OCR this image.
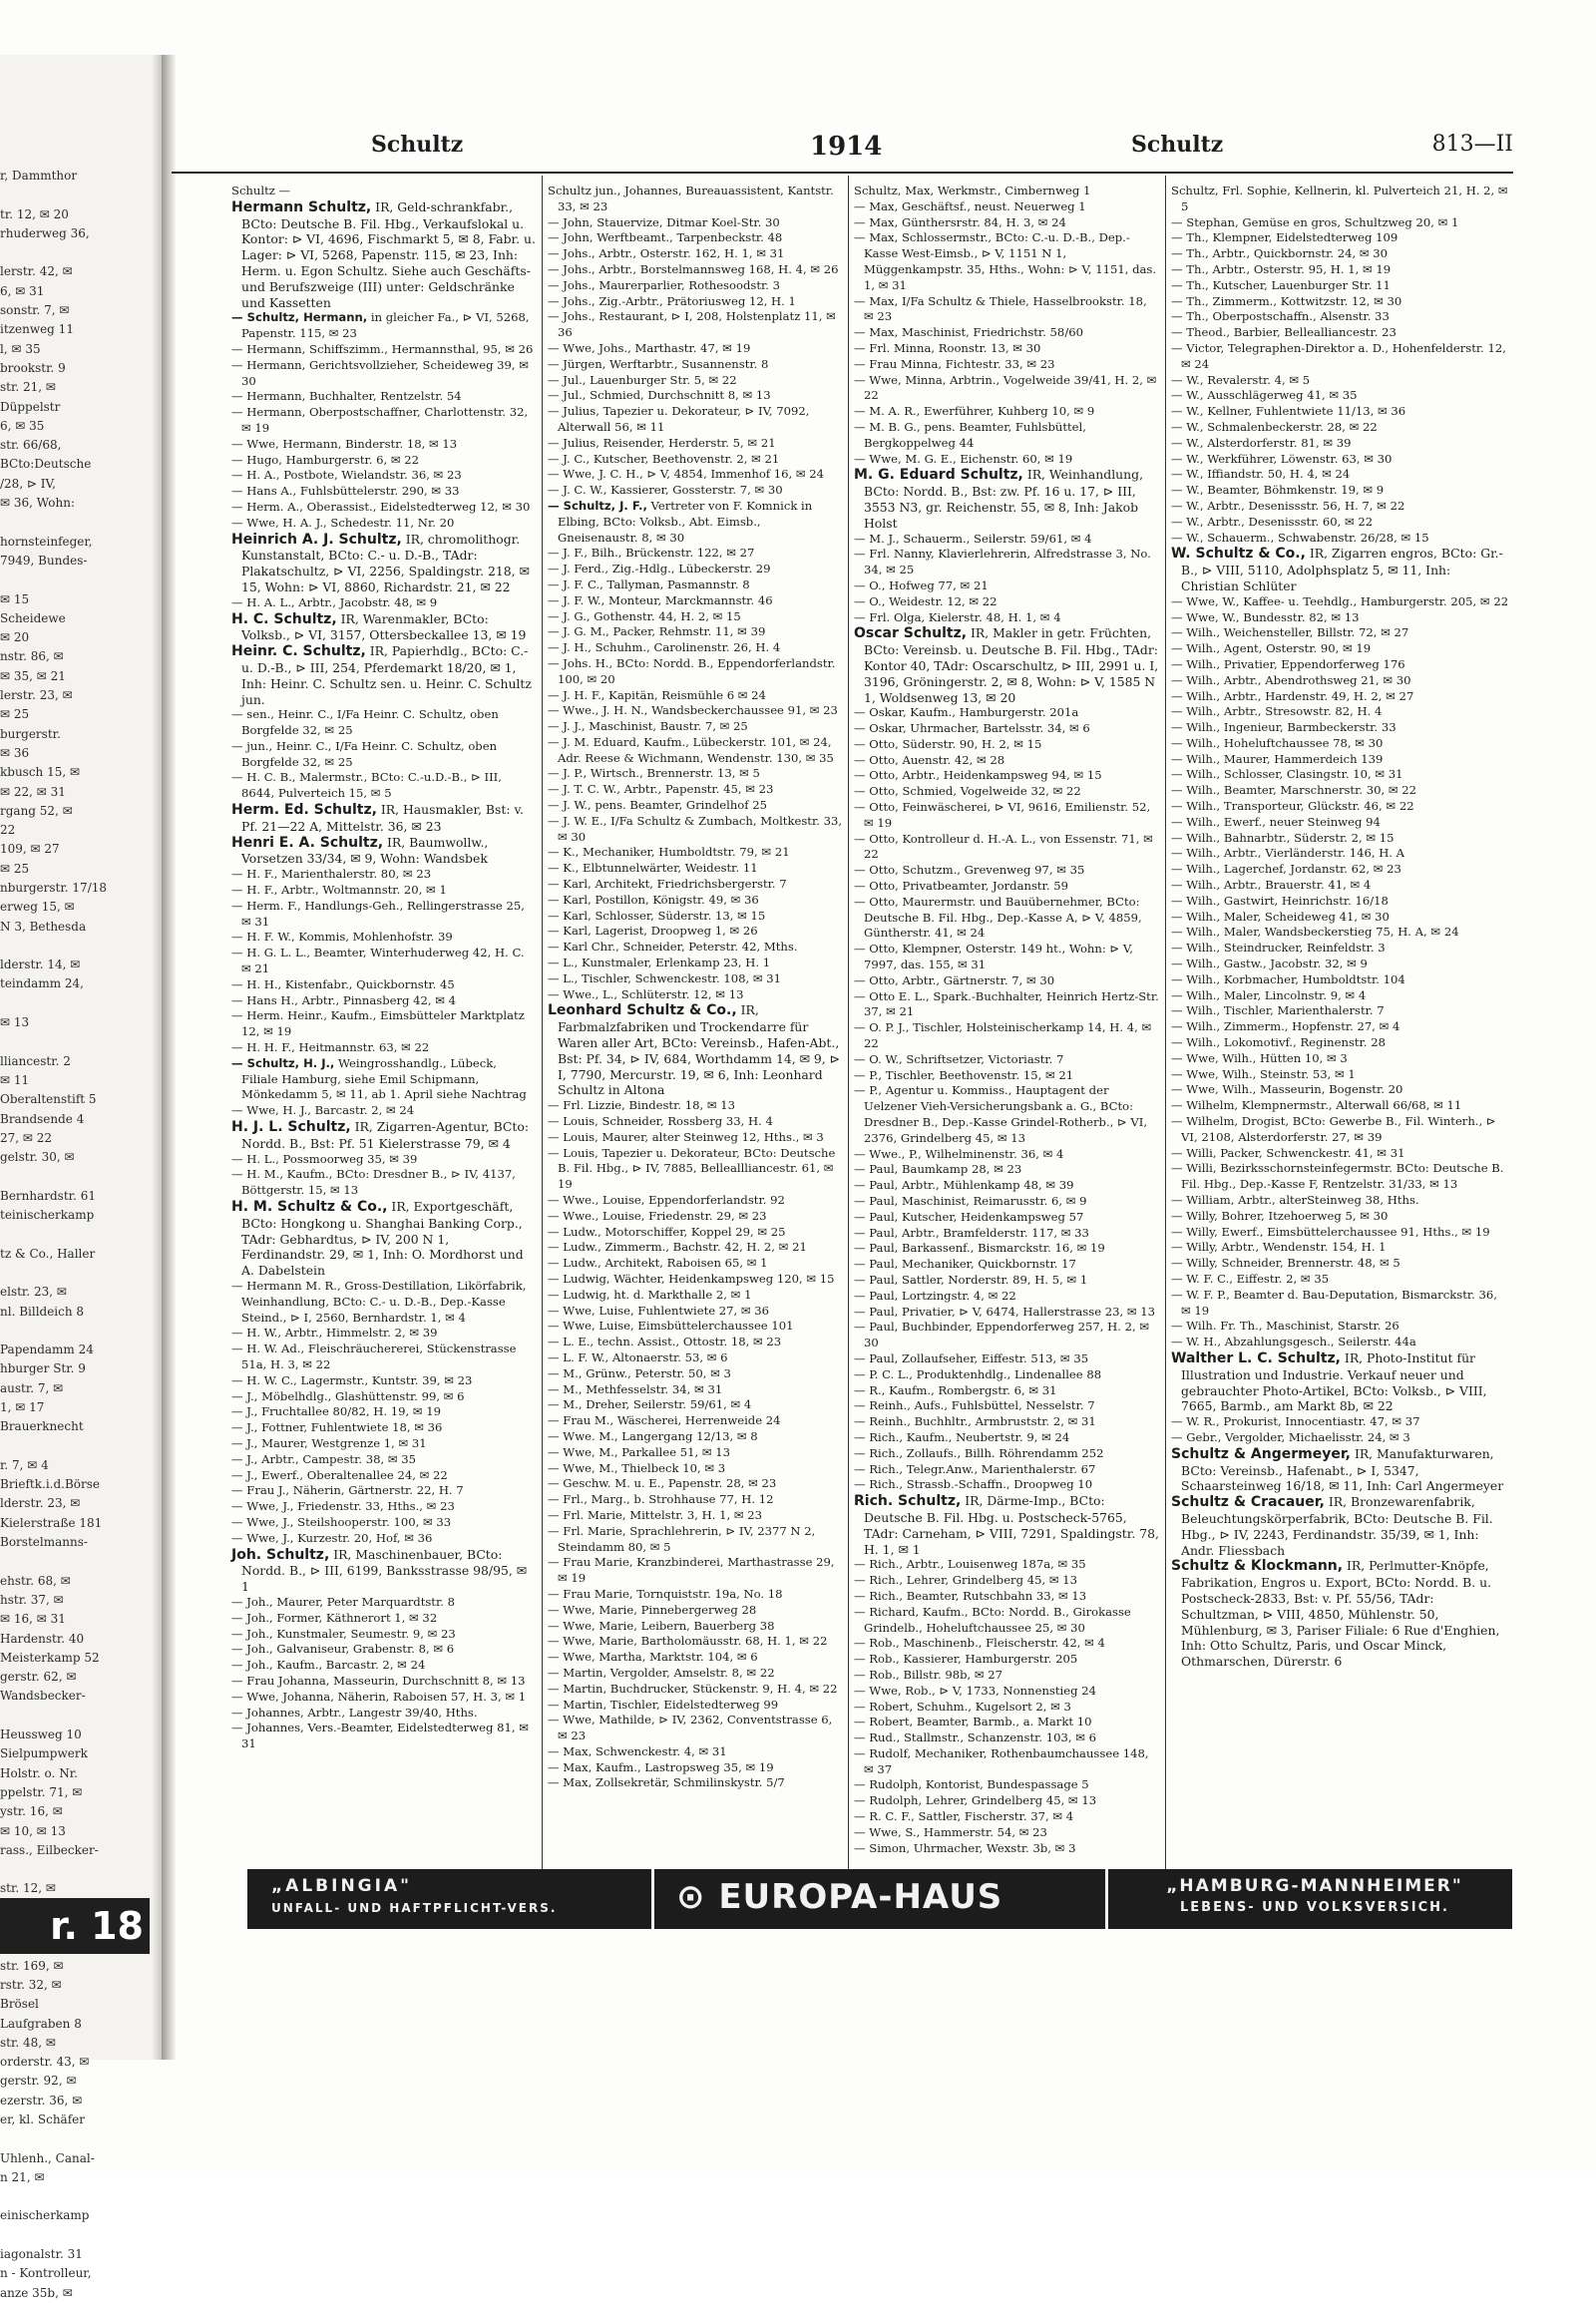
r, Dammthor

tr. 12, ✉ 20
rhuderweg 36,

lerstr. 42, ✉
6, ✉ 31
sonstr. 7, ✉
itzenweg 11
l, ✉ 35
brookstr. 9
str. 21, ✉
Düppelstr
6, ✉ 35
str. 66/68,
BCto:Deutsche
/28, ⊳ IV,
✉ 36, Wohn:

hornsteinfeger,
7949, Bundes-

✉ 15
Scheidewe
✉ 20
nstr. 86, ✉
✉ 35, ✉ 21
lerstr. 23, ✉
✉ 25
burgerstr.
✉ 36
kbusch 15, ✉
✉ 22, ✉ 31
rgang 52, ✉
22
109, ✉ 27
✉ 25
nburgerstr. 17/18
erweg 15, ✉
N 3, Bethesda

lderstr. 14, ✉
teindamm 24,

✉ 13

lliancestr. 2
✉ 11
Oberaltenstift 5
Brandsende 4
27, ✉ 22
gelstr. 30, ✉

Bernhardstr. 61
teinischerkamp

tz & Co., Haller

elstr. 23, ✉
nl. Billdeich 8

Papendamm 24
hburger Str. 9
austr. 7, ✉
1, ✉ 17
Brauerknecht

r. 7, ✉ 4
Brieftk.i.d.Börse
lderstr. 23, ✉
Kielerstraße 181
Borstelmanns-

ehstr. 68, ✉
hstr. 37, ✉
✉ 16, ✉ 31
Hardenstr. 40
Meisterkamp 52
gerstr. 62, ✉
Wandsbecker-

Heussweg 10
Sielpumpwerk
Holstr. o. Nr.
ppelstr. 71, ✉
ystr. 16, ✉
✉ 10, ✉ 13
rass., Eilbecker-

str. 12, ✉
str. 169, ✉
rstr. 32, ✉
Brösel
Laufgraben 8
str. 48, ✉
orderstr. 43, ✉
gerstr. 92, ✉
ezerstr. 36, ✉
er, kl. Schäfer

Uhlenh., Canal-
n 21, ✉

einischerkamp

iagonalstr. 31
n - Kontrolleur,
anze 35b, ✉
r. 18
Schultz	1914	Schultz	813—II
Schultz —
Hermann Schultz, IR, Geld-schrankfabr., BCto: Deutsche B. Fil. Hbg., Verkaufslokal u. Kontor: ⊳ VI, 4696, Fischmarkt 5, ✉ 8, Fabr. u. Lager: ⊳ VI, 5268, Papenstr. 115, ✉ 23, Inh: Herm. u. Egon Schultz. Siehe auch Geschäfts- und Berufszweige (III) unter: Geldschränke und Kassetten
— Schultz, Hermann, in gleicher Fa., ⊳ VI, 5268, Papenstr. 115, ✉ 23
— Hermann, Schiffszimm., Hermannsthal, 95, ✉ 26
— Hermann, Gerichtsvollzieher, Scheideweg 39, ✉ 30
— Hermann, Buchhalter, Rentzelstr. 54
— Hermann, Oberpostschaffner, Charlottenstr. 32, ✉ 19
— Wwe, Hermann, Binderstr. 18, ✉ 13
— Hugo, Hamburgerstr. 6, ✉ 22
— H. A., Postbote, Wielandstr. 36, ✉ 23
— Hans A., Fuhlsbüttelerstr. 290, ✉ 33
— Herm. A., Oberassist., Eidelstedterweg 12, ✉ 30
— Wwe, H. A. J., Schedestr. 11, Nr. 20
Heinrich A. J. Schultz, IR, chromolithogr. Kunstanstalt, BCto: C.- u. D.-B., TAdr: Plakatschultz, ⊳ VI, 2256, Spaldingstr. 218, ✉ 15, Wohn: ⊳ VI, 8860, Richardstr. 21, ✉ 22
— H. A. L., Arbtr., Jacobstr. 48, ✉ 9
H. C. Schultz, IR, Warenmakler, BCto: Volksb., ⊳ VI, 3157, Ottersbeckallee 13, ✉ 19
Heinr. C. Schultz, IR, Papierhdlg., BCto: C.- u. D.-B., ⊳ III, 254, Pferdemarkt 18/20, ✉ 1, Inh: Heinr. C. Schultz sen. u. Heinr. C. Schultz jun.
— sen., Heinr. C., I/Fa Heinr. C. Schultz, oben Borgfelde 32, ✉ 25
— jun., Heinr. C., I/Fa Heinr. C. Schultz, oben Borgfelde 32, ✉ 25
— H. C. B., Malermstr., BCto: C.-u.D.-B., ⊳ III, 8644, Pulverteich 15, ✉ 5
Herm. Ed. Schultz, IR, Hausmakler, Bst: v. Pf. 21—22 A, Mittelstr. 36, ✉ 23
Henri E. A. Schultz, IR, Baumwollw., Vorsetzen 33/34, ✉ 9, Wohn: Wandsbek
— H. F., Marienthalerstr. 80, ✉ 23
— H. F., Arbtr., Woltmannstr. 20, ✉ 1
— Herm. F., Handlungs-Geh., Rellingerstrasse 25, ✉ 31
— H. F. W., Kommis, Mohlenhofstr. 39
— H. G. L. L., Beamter, Winterhuderweg 42, H. C. ✉ 21
— H. H., Kistenfabr., Quickbornstr. 45
— Hans H., Arbtr., Pinnasberg 42, ✉ 4
— Herm. Heinr., Kaufm., Eimsbütteler Marktplatz 12, ✉ 19
— H. H. F., Heitmannstr. 63, ✉ 22
— Schultz, H. J., Weingrosshandlg., Lübeck, Filiale Hamburg, siehe Emil Schipmann, Mönkedamm 5, ✉ 11, ab 1. April siehe Nachtrag
— Wwe, H. J., Barcastr. 2, ✉ 24
H. J. L. Schultz, IR, Zigarren-Agentur, BCto: Nordd. B., Bst: Pf. 51 Kielerstrasse 79, ✉ 4
— H. L., Possmoorweg 35, ✉ 39
— H. M., Kaufm., BCto: Dresdner B., ⊳ IV, 4137, Böttgerstr. 15, ✉ 13
H. M. Schultz & Co., IR, Exportgeschäft, BCto: Hongkong u. Shanghai Banking Corp., TAdr: Gebhardtus, ⊳ IV, 200 N 1, Ferdinandstr. 29, ✉ 1, Inh: O. Mordhorst und A. Dabelstein
— Hermann M. R., Gross-Destillation, Likörfabrik, Weinhandlung, BCto: C.- u. D.-B., Dep.-Kasse Steind., ⊳ I, 2560, Bernhardstr. 1, ✉ 4
— H. W., Arbtr., Himmelstr. 2, ✉ 39
— H. W. Ad., Fleischräuchererei, Stückenstrasse 51a, H. 3, ✉ 22
— H. W. C., Lagermstr., Kuntstr. 39, ✉ 23
— J., Möbelhdlg., Glashüttenstr. 99, ✉ 6
— J., Fruchtallee 80/82, H. 19, ✉ 19
— J., Fottner, Fuhlentwiete 18, ✉ 36
— J., Maurer, Westgrenze 1, ✉ 31
— J., Arbtr., Campestr. 38, ✉ 35
— J., Ewerf., Oberaltenallee 24, ✉ 22
— Frau J., Näherin, Gärtnerstr. 22, H. 7
— Wwe, J., Friedenstr. 33, Hths., ✉ 23
— Wwe, J., Steilshooperstr. 100, ✉ 33
— Wwe, J., Kurzestr. 20, Hof, ✉ 36
Joh. Schultz, IR, Maschinenbauer, BCto: Nordd. B., ⊳ III, 6199, Banksstrasse 98/95, ✉ 1
— Joh., Maurer, Peter Marquardtstr. 8
— Joh., Former, Käthnerort 1, ✉ 32
— Joh., Kunstmaler, Seumestr. 9, ✉ 23
— Joh., Galvaniseur, Grabenstr. 8, ✉ 6
— Joh., Kaufm., Barcastr. 2, ✉ 24
— Frau Johanna, Masseurin, Durchschnitt 8, ✉ 13
— Wwe, Johanna, Näherin, Raboisen 57, H. 3, ✉ 1
— Johannes, Arbtr., Langestr 39/40, Hths.
— Johannes, Vers.-Beamter, Eidelstedterweg 81, ✉ 31
Schultz jun., Johannes, Bureauassistent, Kantstr. 33, ✉ 23
— John, Stauervize, Ditmar Koel-Str. 30
— John, Werftbeamt., Tarpenbeckstr. 48
— Johs., Arbtr., Osterstr. 162, H. 1, ✉ 31
— Johs., Arbtr., Borstelmannsweg 168, H. 4, ✉ 26
— Johs., Maurerparlier, Rothesoodstr. 3
— Johs., Zig.-Arbtr., Prätoriusweg 12, H. 1
— Johs., Restaurant, ⊳ I, 208, Holstenplatz 11, ✉ 36
— Wwe, Johs., Marthastr. 47, ✉ 19
— Jürgen, Werftarbtr., Susannenstr. 8
— Jul., Lauenburger Str. 5, ✉ 22
— Jul., Schmied, Durchschnitt 8, ✉ 13
— Julius, Tapezier u. Dekorateur, ⊳ IV, 7092, Alterwall 56, ✉ 11
— Julius, Reisender, Herderstr. 5, ✉ 21
— J. C., Kutscher, Beethovenstr. 2, ✉ 21
— Wwe, J. C. H., ⊳ V, 4854, Immenhof 16, ✉ 24
— J. C. W., Kassierer, Gossterstr. 7, ✉ 30
— Schultz, J. F., Vertreter von F. Komnick in Elbing, BCto: Volksb., Abt. Eimsb., Gneisenaustr. 8, ✉ 30
— J. F., Bilh., Brückenstr. 122, ✉ 27
— J. Ferd., Zig.-Hdlg., Lübeckerstr. 29
— J. F. C., Tallyman, Pasmannstr. 8
— J. F. W., Monteur, Marckmannstr. 46
— J. G., Gothenstr. 44, H. 2, ✉ 15
— J. G. M., Packer, Rehmstr. 11, ✉ 39
— J. H., Schuhm., Carolinenstr. 26, H. 4
— Johs. H., BCto: Nordd. B., Eppendorferlandstr. 100, ✉ 20
— J. H. F., Kapitän, Reismühle 6 ✉ 24
— Wwe., J. H. N., Wandsbeckerchaussee 91, ✉ 23
— J. J., Maschinist, Baustr. 7, ✉ 25
— J. M. Eduard, Kaufm., Lübeckerstr. 101, ✉ 24, Adr. Reese & Wichmann, Wendenstr. 130, ✉ 35
— J. P., Wirtsch., Brennerstr. 13, ✉ 5
— J. T. C. W., Arbtr., Papenstr. 45, ✉ 23
— J. W., pens. Beamter, Grindelhof 25
— J. W. E., I/Fa Schultz & Zumbach, Moltkestr. 33, ✉ 30
— K., Mechaniker, Humboldtstr. 79, ✉ 21
— K., Elbtunnelwärter, Weidestr. 11
— Karl, Architekt, Friedrichsbergerstr. 7
— Karl, Postillon, Königstr. 49, ✉ 36
— Karl, Schlosser, Süderstr. 13, ✉ 15
— Karl, Lagerist, Droopweg 1, ✉ 26
— Karl Chr., Schneider, Peterstr. 42, Mths.
— L., Kunstmaler, Erlenkamp 23, H. 1
— L., Tischler, Schwenckestr. 108, ✉ 31
— Wwe., L., Schlüterstr. 12, ✉ 13
Leonhard Schultz & Co., IR, Farbmalzfabriken und Trockendarre für Waren aller Art, BCto: Vereinsb., Hafen-Abt., Bst: Pf. 34, ⊳ IV, 684, Worthdamm 14, ✉ 9, ⊳ I, 7790, Mercurstr. 19, ✉ 6, Inh: Leonhard Schultz in Altona
— Frl. Lizzie, Bindestr. 18, ✉ 13
— Louis, Schneider, Rossberg 33, H. 4
— Louis, Maurer, alter Steinweg 12, Hths., ✉ 3
— Louis, Tapezier u. Dekorateur, BCto: Deutsche B. Fil. Hbg., ⊳ IV, 7885, Belleallliancestr. 61, ✉ 19
— Wwe., Louise, Eppendorferlandstr. 92
— Wwe., Louise, Friedenstr. 29, ✉ 23
— Ludw., Motorschiffer, Koppel 29, ✉ 25
— Ludw., Zimmerm., Bachstr. 42, H. 2, ✉ 21
— Ludw., Architekt, Raboisen 65, ✉ 1
— Ludwig, Wächter, Heidenkampsweg 120, ✉ 15
— Ludwig, ht. d. Markthalle 2, ✉ 1
— Wwe, Luise, Fuhlentwiete 27, ✉ 36
— Wwe, Luise, Eimsbüttelerchaussee 101
— L. E., techn. Assist., Ottostr. 18, ✉ 23
— L. F. W., Altonaerstr. 53, ✉ 6
— M., Grünw., Peterstr. 50, ✉ 3
— M., Methfesselstr. 34, ✉ 31
— M., Dreher, Seilerstr. 59/61, ✉ 4
— Frau M., Wäscherei, Herrenweide 24
— Wwe. M., Langergang 12/13, ✉ 8
— Wwe, M., Parkallee 51, ✉ 13
— Wwe, M., Thielbeck 10, ✉ 3
— Geschw. M. u. E., Papenstr. 28, ✉ 23
— Frl., Marg., b. Strohhause 77, H. 12
— Frl. Marie, Mittelstr. 3, H. 1, ✉ 23
— Frl. Marie, Sprachlehrerin, ⊳ IV, 2377 N 2, Steindamm 80, ✉ 5
— Frau Marie, Kranzbinderei, Marthastrasse 29, ✉ 19
— Frau Marie, Tornquiststr. 19a, No. 18
— Wwe, Marie, Pinnebergerweg 28
— Wwe, Marie, Leibern, Bauerberg 38
— Wwe, Marie, Bartholomäusstr. 68, H. 1, ✉ 22
— Wwe, Martha, Marktstr. 104, ✉ 6
— Martin, Vergolder, Amselstr. 8, ✉ 22
— Martin, Buchdrucker, Stückenstr. 9, H. 4, ✉ 22
— Martin, Tischler, Eidelstedterweg 99
— Wwe, Mathilde, ⊳ IV, 2362, Conventstrasse 6, ✉ 23
— Max, Schwenckestr. 4, ✉ 31
— Max, Kaufm., Lastropsweg 35, ✉ 19
— Max, Zollsekretär, Schmilinskystr. 5/7
Schultz, Max, Werkmstr., Cimbernweg 1
— Max, Geschäftsf., neust. Neuerweg 1
— Max, Günthersrstr. 84, H. 3, ✉ 24
— Max, Schlossermstr., BCto: C.-u. D.-B., Dep.-Kasse West-Eimsb., ⊳ V, 1151 N 1, Müggenkampstr. 35, Hths., Wohn: ⊳ V, 1151, das. 1, ✉ 31
— Max, I/Fa Schultz & Thiele, Hasselbrookstr. 18, ✉ 23
— Max, Maschinist, Friedrichstr. 58/60
— Frl. Minna, Roonstr. 13, ✉ 30
— Frau Minna, Fichtestr. 33, ✉ 23
— Wwe, Minna, Arbtrin., Vogelweide 39/41, H. 2, ✉ 22
— M. A. R., Ewerführer, Kuhberg 10, ✉ 9
— M. B. G., pens. Beamter, Fuhlsbüttel, Bergkoppelweg 44
— Wwe, M. G. E., Eichenstr. 60, ✉ 19
M. G. Eduard Schultz, IR, Weinhandlung, BCto: Nordd. B., Bst: zw. Pf. 16 u. 17, ⊳ III, 3553 N3, gr. Reichenstr. 55, ✉ 8, Inh: Jakob Holst
— M. J., Schauerm., Seilerstr. 59/61, ✉ 4
— Frl. Nanny, Klavierlehrerin, Alfredstrasse 3, No. 34, ✉ 25
— O., Hofweg 77, ✉ 21
— O., Weidestr. 12, ✉ 22
— Frl. Olga, Kielerstr. 48, H. 1, ✉ 4
Oscar Schultz, IR, Makler in getr. Früchten, BCto: Vereinsb. u. Deutsche B. Fil. Hbg., TAdr: Kontor 40, TAdr: Oscarschultz, ⊳ III, 2991 u. I, 3196, Gröningerstr. 2, ✉ 8, Wohn: ⊳ V, 1585 N 1, Woldsenweg 13, ✉ 20
— Oskar, Kaufm., Hamburgerstr. 201a
— Oskar, Uhrmacher, Bartelsstr. 34, ✉ 6
— Otto, Süderstr. 90, H. 2, ✉ 15
— Otto, Auenstr. 42, ✉ 28
— Otto, Arbtr., Heidenkampsweg 94, ✉ 15
— Otto, Schmied, Vogelweide 32, ✉ 22
— Otto, Feinwäscherei, ⊳ VI, 9616, Emilienstr. 52, ✉ 19
— Otto, Kontrolleur d. H.-A. L., von Essenstr. 71, ✉ 22
— Otto, Schutzm., Grevenweg 97, ✉ 35
— Otto, Privatbeamter, Jordanstr. 59
— Otto, Maurermstr. und Bauübernehmer, BCto: Deutsche B. Fil. Hbg., Dep.-Kasse A, ⊳ V, 4859, Güntherstr. 41, ✉ 24
— Otto, Klempner, Osterstr. 149 ht., Wohn: ⊳ V, 7997, das. 155, ✉ 31
— Otto, Arbtr., Gärtnerstr. 7, ✉ 30
— Otto E. L., Spark.-Buchhalter, Heinrich Hertz-Str. 37, ✉ 21
— O. P. J., Tischler, Holsteinischerkamp 14, H. 4, ✉ 22
— O. W., Schriftsetzer, Victoriastr. 7
— P., Tischler, Beethovenstr. 15, ✉ 21
— P., Agentur u. Kommiss., Hauptagent der Uelzener Vieh-Versicherungsbank a. G., BCto: Dresdner B., Dep.-Kasse Grindel-Rotherb., ⊳ VI, 2376, Grindelberg 45, ✉ 13
— Wwe., P., Wilhelminenstr. 36, ✉ 4
— Paul, Baumkamp 28, ✉ 23
— Paul, Arbtr., Mühlenkamp 48, ✉ 39
— Paul, Maschinist, Reimarusstr. 6, ✉ 9
— Paul, Kutscher, Heidenkampsweg 57
— Paul, Arbtr., Bramfelderstr. 117, ✉ 33
— Paul, Barkassenf., Bismarckstr. 16, ✉ 19
— Paul, Mechaniker, Quickbornstr. 17
— Paul, Sattler, Norderstr. 89, H. 5, ✉ 1
— Paul, Lortzingstr. 4, ✉ 22
— Paul, Privatier, ⊳ V, 6474, Hallerstrasse 23, ✉ 13
— Paul, Buchbinder, Eppendorferweg 257, H. 2, ✉ 30
— Paul, Zollaufseher, Eiffestr. 513, ✉ 35
— P. C. L., Produktenhdlg., Lindenallee 88
— R., Kaufm., Rombergstr. 6, ✉ 31
— Reinh., Aufs., Fuhlsbüttel, Nesselstr. 7
— Reinh., Buchhltr., Armbruststr. 2, ✉ 31
— Rich., Kaufm., Neubertstr. 9, ✉ 24
— Rich., Zollaufs., Billh. Röhrendamm 252
— Rich., Telegr.Anw., Marienthalerstr. 67
— Rich., Strassb.-Schaffn., Droopweg 10
Rich. Schultz, IR, Därme-Imp., BCto: Deutsche B. Fil. Hbg. u. Postscheck-5765, TAdr: Carneham, ⊳ VIII, 7291, Spaldingstr. 78, H. 1, ✉ 1
— Rich., Arbtr., Louisenweg 187a, ✉ 35
— Rich., Lehrer, Grindelberg 45, ✉ 13
— Rich., Beamter, Rutschbahn 33, ✉ 13
— Richard, Kaufm., BCto: Nordd. B., Girokasse Grindelb., Hoheluftchaussee 25, ✉ 30
— Rob., Maschinenb., Fleischerstr. 42, ✉ 4
— Rob., Kassierer, Hamburgerstr. 205
— Rob., Billstr. 98b, ✉ 27
— Wwe, Rob., ⊳ V, 1733, Nonnenstieg 24
— Robert, Schuhm., Kugelsort 2, ✉ 3
— Robert, Beamter, Barmb., a. Markt 10
— Rud., Stallmstr., Schanzenstr. 103, ✉ 6
— Rudolf, Mechaniker, Rothenbaumchaussee 148, ✉ 37
— Rudolph, Kontorist, Bundespassage 5
— Rudolph, Lehrer, Grindelberg 45, ✉ 13
— R. C. F., Sattler, Fischerstr. 37, ✉ 4
— Wwe, S., Hammerstr. 54, ✉ 23
— Simon, Uhrmacher, Wexstr. 3b, ✉ 3
Schultz, Frl. Sophie, Kellnerin, kl. Pulverteich 21, H. 2, ✉ 5
— Stephan, Gemüse en gros, Schultzweg 20, ✉ 1
— Th., Klempner, Eidelstedterweg 109
— Th., Arbtr., Quickbornstr. 24, ✉ 30
— Th., Arbtr., Osterstr. 95, H. 1, ✉ 19
— Th., Kutscher, Lauenburger Str. 11
— Th., Zimmerm., Kottwitzstr. 12, ✉ 30
— Th., Oberpostschaffn., Alsenstr. 33
— Theod., Barbier, Bellealliancestr. 23
— Victor, Telegraphen-Direktor a. D., Hohenfelderstr. 12, ✉ 24
— W., Revalerstr. 4, ✉ 5
— W., Ausschlägerweg 41, ✉ 35
— W., Kellner, Fuhlentwiete 11/13, ✉ 36
— W., Schmalenbeckerstr. 28, ✉ 22
— W., Alsterdorferstr. 81, ✉ 39
— W., Werkführer, Löwenstr. 63, ✉ 30
— W., Iffiandstr. 50, H. 4, ✉ 24
— W., Beamter, Böhmkenstr. 19, ✉ 9
— W., Arbtr., Desenissstr. 56, H. 7, ✉ 22
— W., Arbtr., Desenissstr. 60, ✉ 22
— W., Schauerm., Schwabenstr. 26/28, ✉ 15
W. Schultz & Co., IR, Zigarren engros, BCto: Gr.-B., ⊳ VIII, 5110, Adolphsplatz 5, ✉ 11, Inh: Christian Schlüter
— Wwe, W., Kaffee- u. Teehdlg., Hamburgerstr. 205, ✉ 22
— Wwe, W., Bundesstr. 82, ✉ 13
— Wilh., Weichensteller, Billstr. 72, ✉ 27
— Wilh., Agent, Osterstr. 90, ✉ 19
— Wilh., Privatier, Eppendorferweg 176
— Wilh., Arbtr., Abendrothsweg 21, ✉ 30
— Wilh., Arbtr., Hardenstr. 49, H. 2, ✉ 27
— Wilh., Arbtr., Stresowstr. 82, H. 4
— Wilh., Ingenieur, Barmbeckerstr. 33
— Wilh., Hoheluftchaussee 78, ✉ 30
— Wilh., Maurer, Hammerdeich 139
— Wilh., Schlosser, Clasingstr. 10, ✉ 31
— Wilh., Beamter, Marschnerstr. 30, ✉ 22
— Wilh., Transporteur, Glückstr. 46, ✉ 22
— Wilh., Ewerf., neuer Steinweg 94
— Wilh., Bahnarbtr., Süderstr. 2, ✉ 15
— Wilh., Arbtr., Vierländerstr. 146, H. A
— Wilh., Lagerchef, Jordanstr. 62, ✉ 23
— Wilh., Arbtr., Brauerstr. 41, ✉ 4
— Wilh., Gastwirt, Heinrichstr. 16/18
— Wilh., Maler, Scheideweg 41, ✉ 30
— Wilh., Maler, Wandsbeckerstieg 75, H. A, ✉ 24
— Wilh., Steindrucker, Reinfeldstr. 3
— Wilh., Gastw., Jacobstr. 32, ✉ 9
— Wilh., Korbmacher, Humboldtstr. 104
— Wilh., Maler, Lincolnstr. 9, ✉ 4
— Wilh., Tischler, Marienthalerstr. 7
— Wilh., Zimmerm., Hopfenstr. 27, ✉ 4
— Wilh., Lokomotivf., Reginenstr. 28
— Wwe, Wilh., Hütten 10, ✉ 3
— Wwe, Wilh., Steinstr. 53, ✉ 1
— Wwe, Wilh., Masseurin, Bogenstr. 20
— Wilhelm, Klempnermstr., Alterwall 66/68, ✉ 11
— Wilhelm, Drogist, BCto: Gewerbe B., Fil. Winterh., ⊳ VI, 2108, Alsterdorferstr. 27, ✉ 39
— Willi, Packer, Schwenckestr. 41, ✉ 31
— Willi, Bezirksschornsteinfegermstr. BCto: Deutsche B. Fil. Hbg., Dep.-Kasse F, Rentzelstr. 31/33, ✉ 13
— William, Arbtr., alterSteinweg 38, Hths.
— Willy, Bohrer, Itzehoerweg 5, ✉ 30
— Willy, Ewerf., Eimsbüttelerchaussee 91, Hths., ✉ 19
— Willy, Arbtr., Wendenstr. 154, H. 1
— Willy, Schneider, Brennerstr. 48, ✉ 5
— W. F. C., Eiffestr. 2, ✉ 35
— W. F. P., Beamter d. Bau-Deputation, Bismarckstr. 36, ✉ 19
— Wilh. Fr. Th., Maschinist, Starstr. 26
— W. H., Abzahlungsgesch., Seilerstr. 44a
Walther L. C. Schultz, IR, Photo-Institut für Illustration und Industrie. Verkauf neuer und gebrauchter Photo-Artikel, BCto: Volksb., ⊳ VIII, 7665, Barmb., am Markt 8b, ✉ 22
— W. R., Prokurist, Innocentiastr. 47, ✉ 37
— Gebr., Vergolder, Michaelisstr. 24, ✉ 3
Schultz & Angermeyer, IR, Manufakturwaren, BCto: Vereinsb., Hafenabt., ⊳ I, 5347, Schaarsteinweg 16/18, ✉ 11, Inh: Carl Angermeyer
Schultz & Cracauer, IR, Bronzewarenfabrik, Beleuchtungskörperfabrik, BCto: Deutsche B. Fil. Hbg., ⊳ IV, 2243, Ferdinandstr. 35/39, ✉ 1, Inh: Andr. Fliessbach
Schultz & Klockmann, IR, Perlmutter-Knöpfe, Fabrikation, Engros u. Export, BCto: Nordd. B. u. Postscheck-2833, Bst: v. Pf. 55/56, TAdr: Schultzman, ⊳ VIII, 4850, Mühlenstr. 50, Mühlenburg, ✉ 3, Pariser Filiale: 6 Rue d'Enghien, Inh: Otto Schultz, Paris, und Oscar Minck, Othmarschen, Dürerstr. 6
„ALBINGIA"
UNFALL- UND HAFTPFLICHT-VERS.	⊙ EUROPA-HAUS	„HAMBURG-MANNHEIMER"
LEBENS- UND VOLKSVERSICH.
